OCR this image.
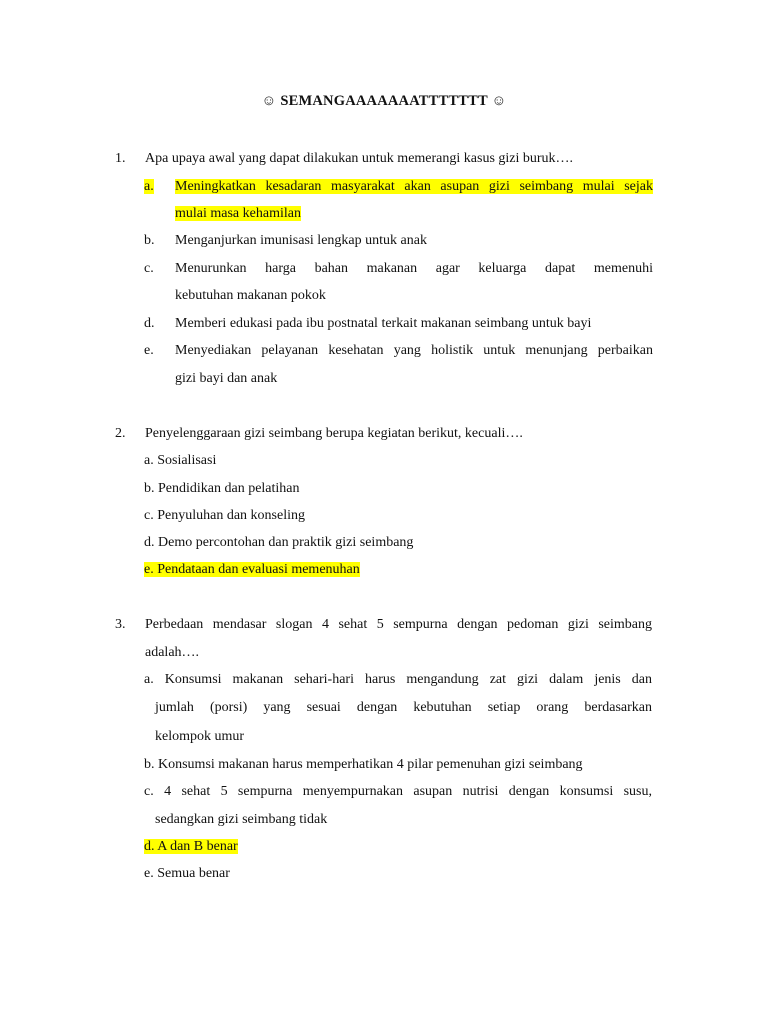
☺ SEMANGAAAAAAATTTTTTT ☺
1. Apa upaya awal yang dapat dilakukan untuk memerangi kasus gizi buruk….
a. Meningkatkan kesadaran masyarakat akan asupan gizi seimbang mulai sejak
mulai masa kehamilan
b. Menganjurkan imunisasi lengkap untuk anak
c. Menurunkan harga bahan makanan agar keluarga dapat memenuhi
kebutuhan makanan pokok
d. Memberi edukasi pada ibu postnatal terkait makanan seimbang untuk bayi
e. Menyediakan pelayanan kesehatan yang holistik untuk menunjang perbaikan
gizi bayi dan anak
2. Penyelenggaraan gizi seimbang berupa kegiatan berikut, kecuali….
a. Sosialisasi
b. Pendidikan dan pelatihan
c. Penyuluhan dan konseling
d. Demo percontohan dan praktik gizi seimbang
e. Pendataan dan evaluasi memenuhan
3. Perbedaan mendasar slogan 4 sehat 5 sempurna dengan pedoman gizi seimbang
adalah….
a. Konsumsi makanan sehari-hari harus mengandung zat gizi dalam jenis dan
jumlah (porsi) yang sesuai dengan kebutuhan setiap orang berdasarkan
kelompok umur
b. Konsumsi makanan harus memperhatikan 4 pilar pemenuhan gizi seimbang
c. 4 sehat 5 sempurna menyempurnakan asupan nutrisi dengan konsumsi susu,
sedangkan gizi seimbang tidak
d. A dan B benar
e. Semua benar
